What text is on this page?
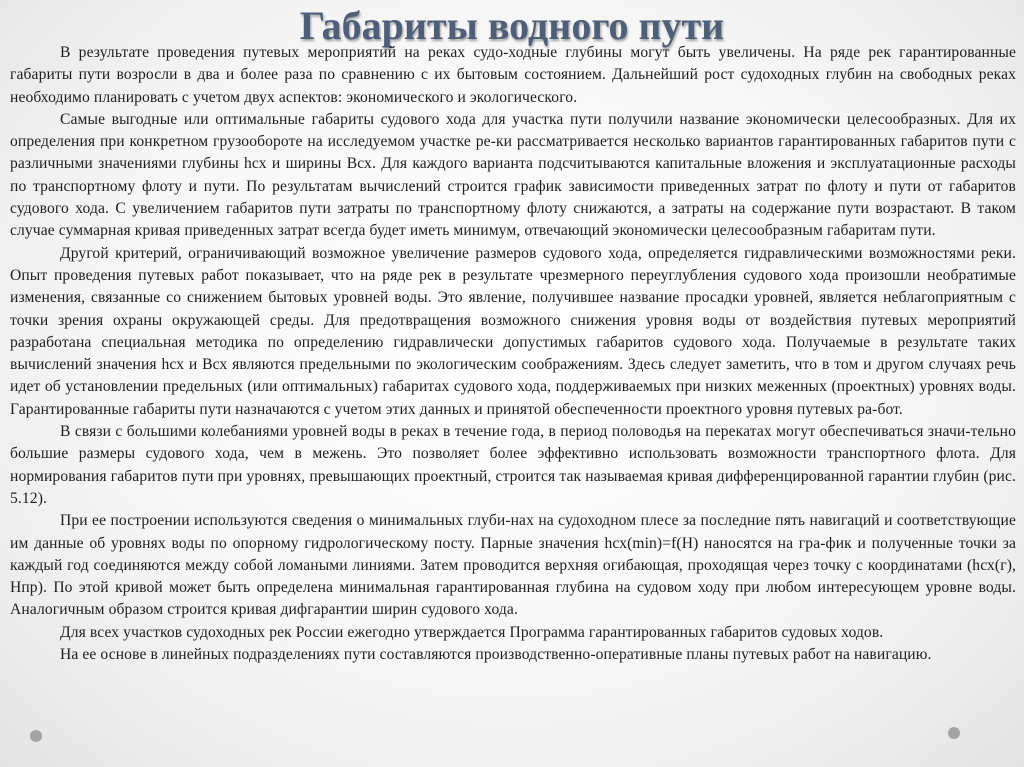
Габариты водного пути

В результате проведения путевых мероприятий на реках судо-ходные глубины могут быть увеличены. На ряде рек гарантированные габариты пути возросли в два и более раза по сравнению с их бытовым состоянием. Дальнейший рост судоходных глубин на свободных реках необходимо планировать с учетом двух аспектов: экономического и экологического.

Самые выгодные или оптимальные габариты судового хода для участка пути получили название экономически целесообразных. Для их определения при конкретном грузообороте на исследуемом участке ре-ки рассматривается несколько вариантов гарантированных габаритов пути с различными значениями глубины hсх и ширины Всх. Для каждого варианта подсчитываются капитальные вложения и эксплуатационные расходы по транспортному флоту и пути. По результатам вычислений строится график зависимости приведенных затрат по флоту и пути от габаритов судового хода. С увеличением габаритов пути затраты по транспортному флоту снижаются, а затраты на содержание пути возрастают. В таком случае суммарная кривая приведенных затрат всегда будет иметь минимум, отвечающий экономически целесообразным габаритам пути.

Другой критерий, ограничивающий возможное увеличение размеров судового хода, определяется гидравлическими возможностями реки. Опыт проведения путевых работ показывает, что на ряде рек в результате чрезмерного переуглубления судового хода произошли необратимые изменения, связанные со снижением бытовых уровней воды. Это явление, получившее название просадки уровней, является неблагоприятным с точки зрения охраны окружающей среды. Для предотвращения возможного снижения уровня воды от воздействия путевых мероприятий разработана специальная методика по определению гидравлически допустимых габаритов судового хода. Получаемые в результате таких вычислений значения hсх и Всх являются предельными по экологическим соображениям. Здесь следует заметить, что в том и другом случаях речь идет об установлении предельных (или оптимальных) габаритах судового хода, поддерживаемых при низких меженных (проектных) уровнях воды. Гарантированные габариты пути назначаются с учетом этих данных и принятой обеспеченности проектного уровня путевых ра-бот.

В связи с большими колебаниями уровней воды в реках в течение года, в период половодья на перекатах могут обеспечиваться значи-тельно большие размеры судового хода, чем в межень. Это позволяет более эффективно использовать возможности транспортного флота. Для нормирования габаритов пути при уровнях, превышающих проектный, строится так называемая кривая дифференцированной гарантии глубин (рис. 5.12).

При ее построении используются сведения о минимальных глуби-нах на судоходном плесе за последние пять навигаций и соответствующие им данные об уровнях воды по опорному гидрологическому посту. Парные значения hсх(min)=f(H) наносятся на гра-фик и полученные точки за каждый год соединяются между собой ломаными линиями. Затем проводится верхняя огибающая, проходящая через точку с координатами (hсх(г), Hпр). По этой кривой может быть определена минимальная гарантированная глубина на судовом ходу при любом интересующем уровне воды. Аналогичным образом строится кривая дифгарантии ширин судового хода.

Для всех участков судоходных рек России ежегодно утверждается Программа гарантированных габаритов судовых ходов.

На ее основе в линейных подразделениях пути составляются производственно-оперативные планы путевых работ на навигацию.
